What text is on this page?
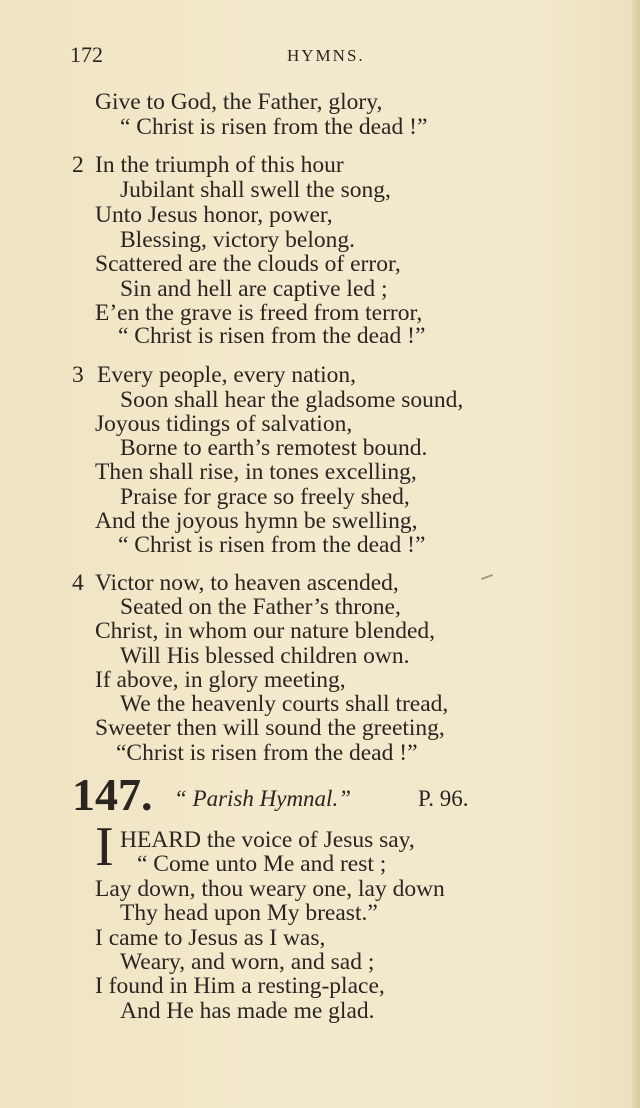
172	HYMNS.
Give to God, the Father, glory,
“ Christ is risen from the dead !”
2 In the triumph of this hour
Jubilant shall swell the song,
Unto Jesus honor, power,
Blessing, victory belong.
Scattered are the clouds of error,
Sin and hell are captive led ;
E’en the grave is freed from terror,
“ Christ is risen from the dead !”
3 Every people, every nation,
Soon shall hear the gladsome sound,
Joyous tidings of salvation,
Borne to earth’s remotest bound.
Then shall rise, in tones excelling,
Praise for grace so freely shed,
And the joyous hymn be swelling,
“ Christ is risen from the dead !”
4 Victor now, to heaven ascended,
Seated on the Father’s throne,
Christ, in whom our nature blended,
Will His blessed children own.
If above, in glory meeting,
We the heavenly courts shall tread,
Sweeter then will sound the greeting,
“Christ is risen from the dead !”
147. “ Parish Hymnal.”	P. 96.
I HEARD the voice of Jesus say,
“ Come unto Me and rest ;
Lay down, thou weary one, lay down
Thy head upon My breast.”
I came to Jesus as I was,
Weary, and worn, and sad ;
I found in Him a resting-place,
And He has made me glad.
